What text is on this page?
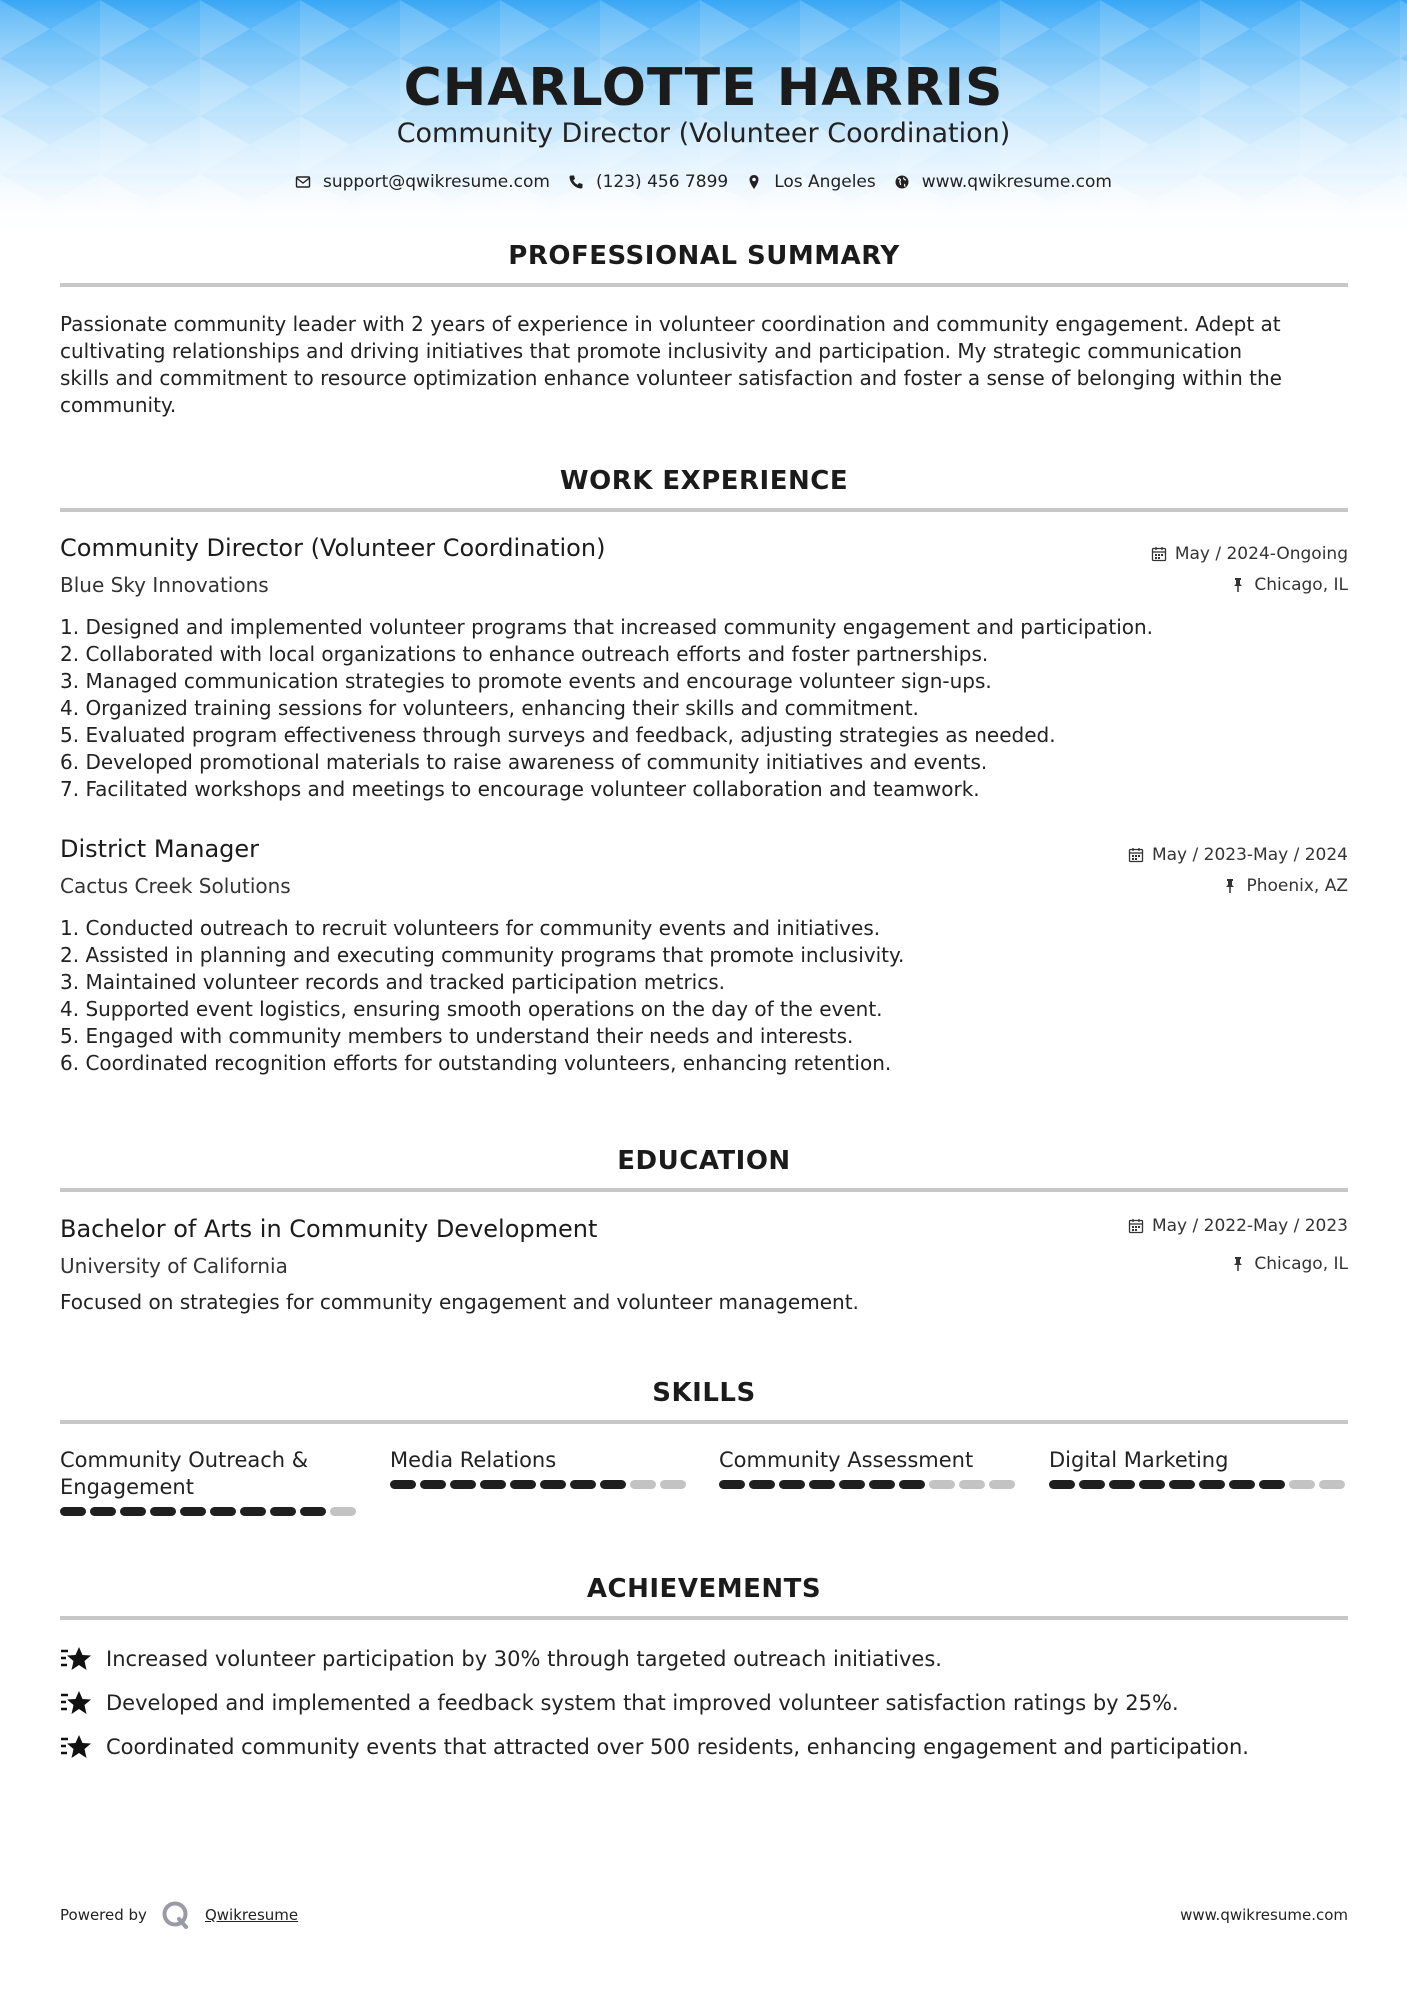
CHARLOTTE HARRIS
Community Director (Volunteer Coordination)
support@qwikresume.com	(123) 456 7899	Los Angeles	www.qwikresume.com
PROFESSIONAL SUMMARY
Passionate community leader with 2 years of experience in volunteer coordination and community engagement. Adept at
cultivating relationships and driving initiatives that promote inclusivity and participation. My strategic communication
skills and commitment to resource optimization enhance volunteer satisfaction and foster a sense of belonging within the
community.
WORK EXPERIENCE
Community Director (Volunteer Coordination)	May / 2024-Ongoing
Blue Sky Innovations	Chicago, IL
1. Designed and implemented volunteer programs that increased community engagement and participation.
2. Collaborated with local organizations to enhance outreach efforts and foster partnerships.
3. Managed communication strategies to promote events and encourage volunteer sign-ups.
4. Organized training sessions for volunteers, enhancing their skills and commitment.
5. Evaluated program effectiveness through surveys and feedback, adjusting strategies as needed.
6. Developed promotional materials to raise awareness of community initiatives and events.
7. Facilitated workshops and meetings to encourage volunteer collaboration and teamwork.
District Manager	May / 2023-May / 2024
Cactus Creek Solutions	Phoenix, AZ
1. Conducted outreach to recruit volunteers for community events and initiatives.
2. Assisted in planning and executing community programs that promote inclusivity.
3. Maintained volunteer records and tracked participation metrics.
4. Supported event logistics, ensuring smooth operations on the day of the event.
5. Engaged with community members to understand their needs and interests.
6. Coordinated recognition efforts for outstanding volunteers, enhancing retention.
EDUCATION
Bachelor of Arts in Community Development	May / 2022-May / 2023
University of California	Chicago, IL
Focused on strategies for community engagement and volunteer management.
SKILLS
Community Outreach &
Engagement
Media Relations	Community Assessment	Digital Marketing
ACHIEVEMENTS
Increased volunteer participation by 30% through targeted outreach initiatives.
Developed and implemented a feedback system that improved volunteer satisfaction ratings by 25%.
Coordinated community events that attracted over 500 residents, enhancing engagement and participation.
Powered by	Qwikresume	www.qwikresume.com
